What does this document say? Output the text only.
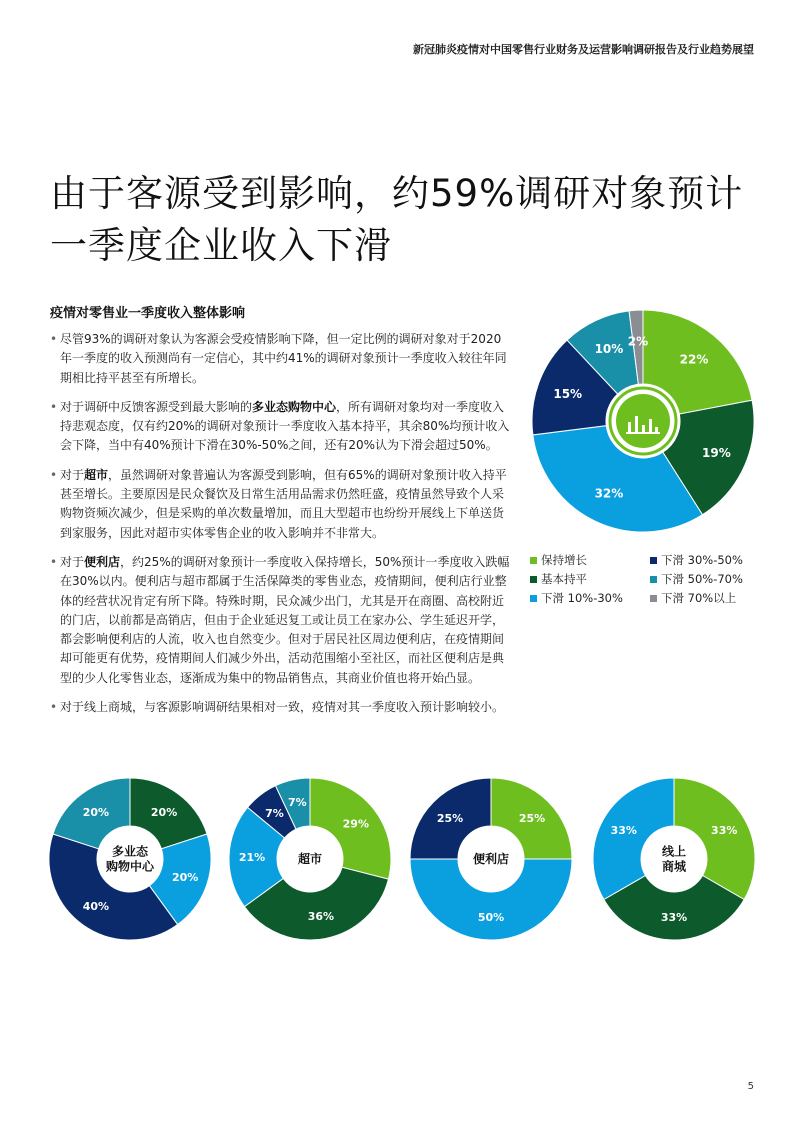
新冠肺炎疫情对中国零售行业财务及运营影响调研报告及行业趋势展望
由于客源受到影响，约59%调研对象预计一季度企业收入下滑
疫情对零售业一季度收入整体影响
• 尽管93%的调研对象认为客源会受疫情影响下降，但一定比例的调研对象对于2020年一季度的收入预测尚有一定信心，其中约41%的调研对象预计一季度收入较往年同期相比持平甚至有所增长。
• 对于调研中反馈客源受到最大影响的多业态购物中心，所有调研对象均对一季度收入持悲观态度，仅有约20%的调研对象预计一季度收入基本持平，其余80%均预计收入会下降，当中有40%预计下滑在30%-50%之间，还有20%认为下滑会超过50%。
• 对于超市，虽然调研对象普遍认为客源受到影响，但有65%的调研对象预计收入持平甚至增长。主要原因是民众餐饮及日常生活用品需求仍然旺盛，疫情虽然导致个人采购物资频次减少，但是采购的单次数量增加，而且大型超市也纷纷开展线上下单送货到家服务，因此对超市实体零售企业的收入影响并不非常大。
• 对于便利店，约25%的调研对象预计一季度收入保持增长，50%预计一季度收入跌幅在30%以内。便利店与超市都属于生活保障类的零售业态，疫情期间，便利店行业整体的经营状况肯定有所下降。特殊时期，民众减少出门，尤其是开在商圈、高校附近的门店，以前都是高销店，但由于企业延迟复工或让员工在家办公、学生延迟开学，都会影响便利店的人流，收入也自然变少。但对于居民社区周边便利店，在疫情期间却可能更有优势，疫情期间人们减少外出，活动范围缩小至社区，而社区便利店是典型的少人化零售业态，逐渐成为集中的物品销售点，其商业价值也将开始凸显。
• 对于线上商城，与客源影响调研结果相对一致，疫情对其一季度收入预计影响较小。
22%
19%
32%
15%
10%
2%
保持增长	下滑 30%-50%
基本持平	下滑 50%-70%
下滑 10%-30%	下滑 70%以上
20%
20%
40%
20%
多业态
购物中心
29%
36%
21%
7%
7%
超市
25%
50%
25%
便利店
33%
33%
33%
线上
商城
5
